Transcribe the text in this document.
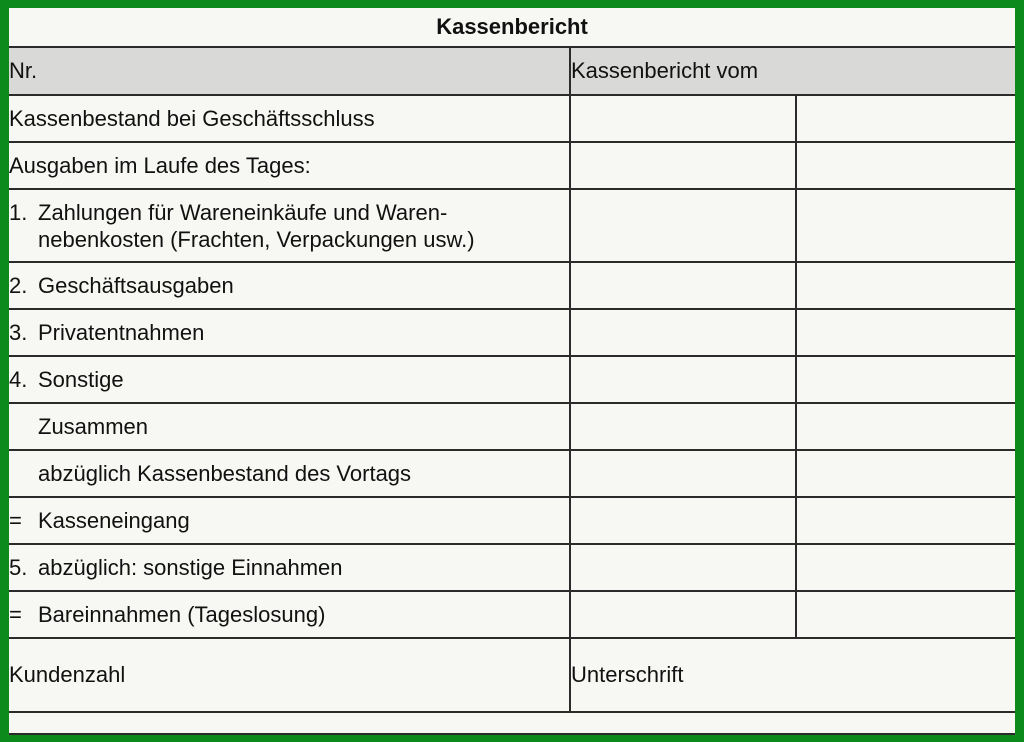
Kassenbericht		
Nr.	Kassenbericht vom	
Kassenbestand bei Geschäftsschluss		
Ausgaben im Laufe des Tages:		
1. Zahlungen für Wareneinkäufe und Waren-
nebenkosten (Frachten, Verpackungen usw.)		
2. Geschäftsausgaben		
3. Privatentnahmen		
4. Sonstige		
Zusammen		
abzüglich Kassenbestand des Vortags		
= Kasseneingang		
5. abzüglich: sonstige Einnahmen		
= Bareinnahmen (Tageslosung)		
Kundenzahl	Unterschrift	
